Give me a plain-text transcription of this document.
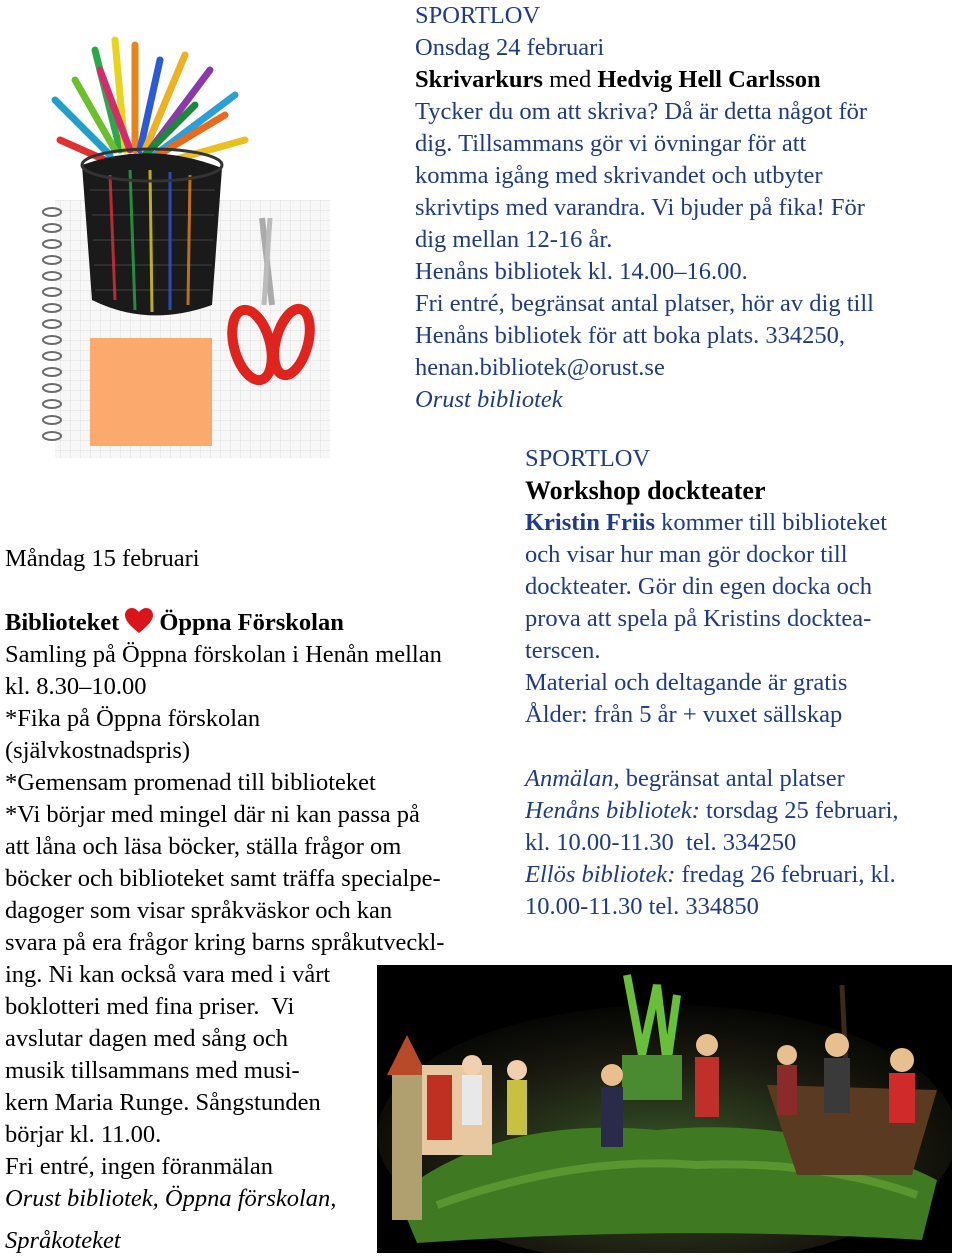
SPORTLOV
Onsdag 24 februari
Skrivarkurs med Hedvig Hell Carlsson
Tycker du om att skriva? Då är detta något för
dig. Tillsammans gör vi övningar för att
komma igång med skrivandet och utbyter
skrivtips med varandra. Vi bjuder på fika! För
dig mellan 12-16 år.
Henåns bibliotek kl. 14.00–16.00.
Fri entré, begränsat antal platser, hör av dig till
Henåns bibliotek för att boka plats. 334250,
henan.bibliotek@orust.se
Orust bibliotek
SPORTLOV
Workshop dockteater
Kristin Friis kommer till biblioteket
och visar hur man gör dockor till
dockteater. Gör din egen docka och
prova att spela på Kristins docktea-
terscen.
Material och deltagande är gratis
Ålder: från 5 år + vuxet sällskap
Anmälan, begränsat antal platser
Henåns bibliotek: torsdag 25 februari,
kl. 10.00-11.30  tel. 334250
Ellös bibliotek: fredag 26 februari, kl.
10.00-11.30 tel. 334850
Måndag 15 februari
Biblioteket Öppna Förskolan
Samling på Öppna förskolan i Henån mellan
kl. 8.30–10.00
*Fika på Öppna förskolan
(självkostnadspris)
*Gemensam promenad till biblioteket
*Vi börjar med mingel där ni kan passa på
att låna och läsa böcker, ställa frågor om
böcker och biblioteket samt träffa specialpe-
dagoger som visar språkväskor och kan
svara på era frågor kring barns språkutveckl-
ing. Ni kan också vara med i vårt
boklotteri med fina priser.  Vi
avslutar dagen med sång och
musik tillsammans med musi-
kern Maria Runge. Sångstunden
börjar kl. 11.00.
Fri entré, ingen föranmälan
Orust bibliotek, Öppna förskolan,
Språkoteket
